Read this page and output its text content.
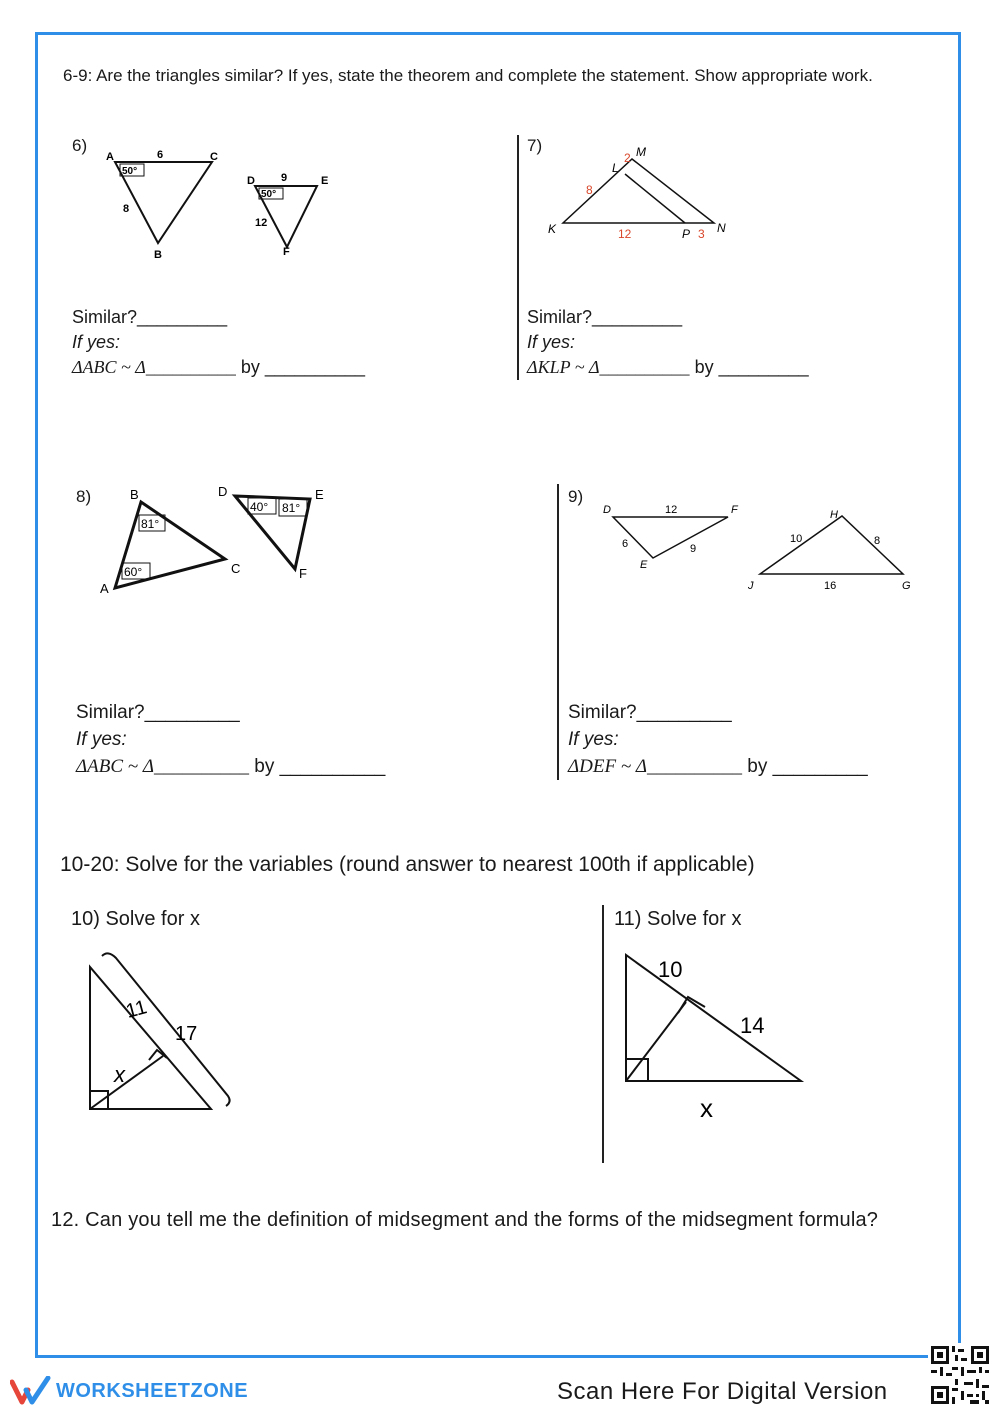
6-9: Are the triangles similar? If yes, state the theorem and complete the statement. Show appropriate work.
6)
A	C
B
6
8
50°
D	E
F
9
12
50°
Similar?_________
If yes:
ΔABC ~ Δ__________ by __________
7)
K
L
M
N
P
8
2
12	3
Similar?_________
If yes:
ΔKLP ~ Δ__________ by _________
8)
A
B
C
81°
60°
D	E
F
40° 81°
Similar?_________
If yes:
ΔABC ~ Δ__________ by __________
9)
D	F
E
12
6	9
J	G
H
10	8
16
Similar?_________
If yes:
ΔDEF ~ Δ__________ by _________
10-20: Solve for the variables (round answer to nearest 100th if applicable)
10) Solve for x	11) Solve for x
11
17
x
10
14
x
12. Can you tell me the definition of midsegment and the forms of the midsegment formula?
WORKSHEET ZONE	Scan Here For Digital Version
